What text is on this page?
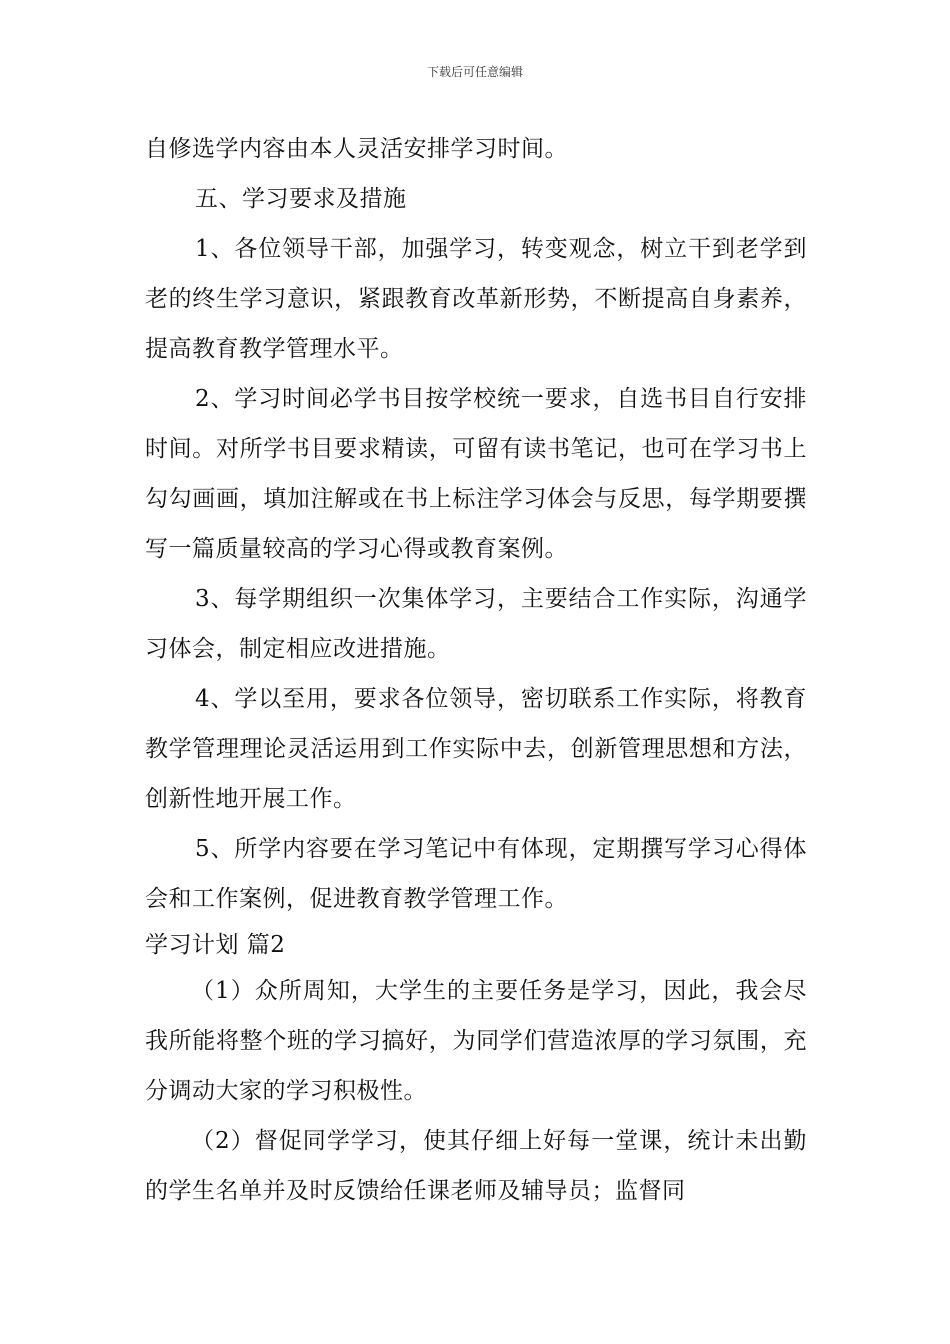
下载后可任意编辑

自修选学内容由本人灵活安排学习时间。

五、学习要求及措施

1、各位领导干部，加强学习，转变观念，树立干到老学到老的终生学习意识，紧跟教育改革新形势，不断提高自身素养，提高教育教学管理水平。

2、学习时间必学书目按学校统一要求，自选书目自行安排时间。对所学书目要求精读，可留有读书笔记，也可在学习书上勾勾画画，填加注解或在书上标注学习体会与反思，每学期要撰写一篇质量较高的学习心得或教育案例。

3、每学期组织一次集体学习，主要结合工作实际，沟通学习体会，制定相应改进措施。

4、学以至用，要求各位领导，密切联系工作实际，将教育教学管理理论灵活运用到工作实际中去，创新管理思想和方法，创新性地开展工作。

5、所学内容要在学习笔记中有体现，定期撰写学习心得体会和工作案例，促进教育教学管理工作。

学习计划 篇2

（1）众所周知，大学生的主要任务是学习，因此，我会尽我所能将整个班的学习搞好，为同学们营造浓厚的学习氛围，充分调动大家的学习积极性。

（2）督促同学学习，使其仔细上好每一堂课，统计未出勤的学生名单并及时反馈给任课老师及辅导员；监督同
